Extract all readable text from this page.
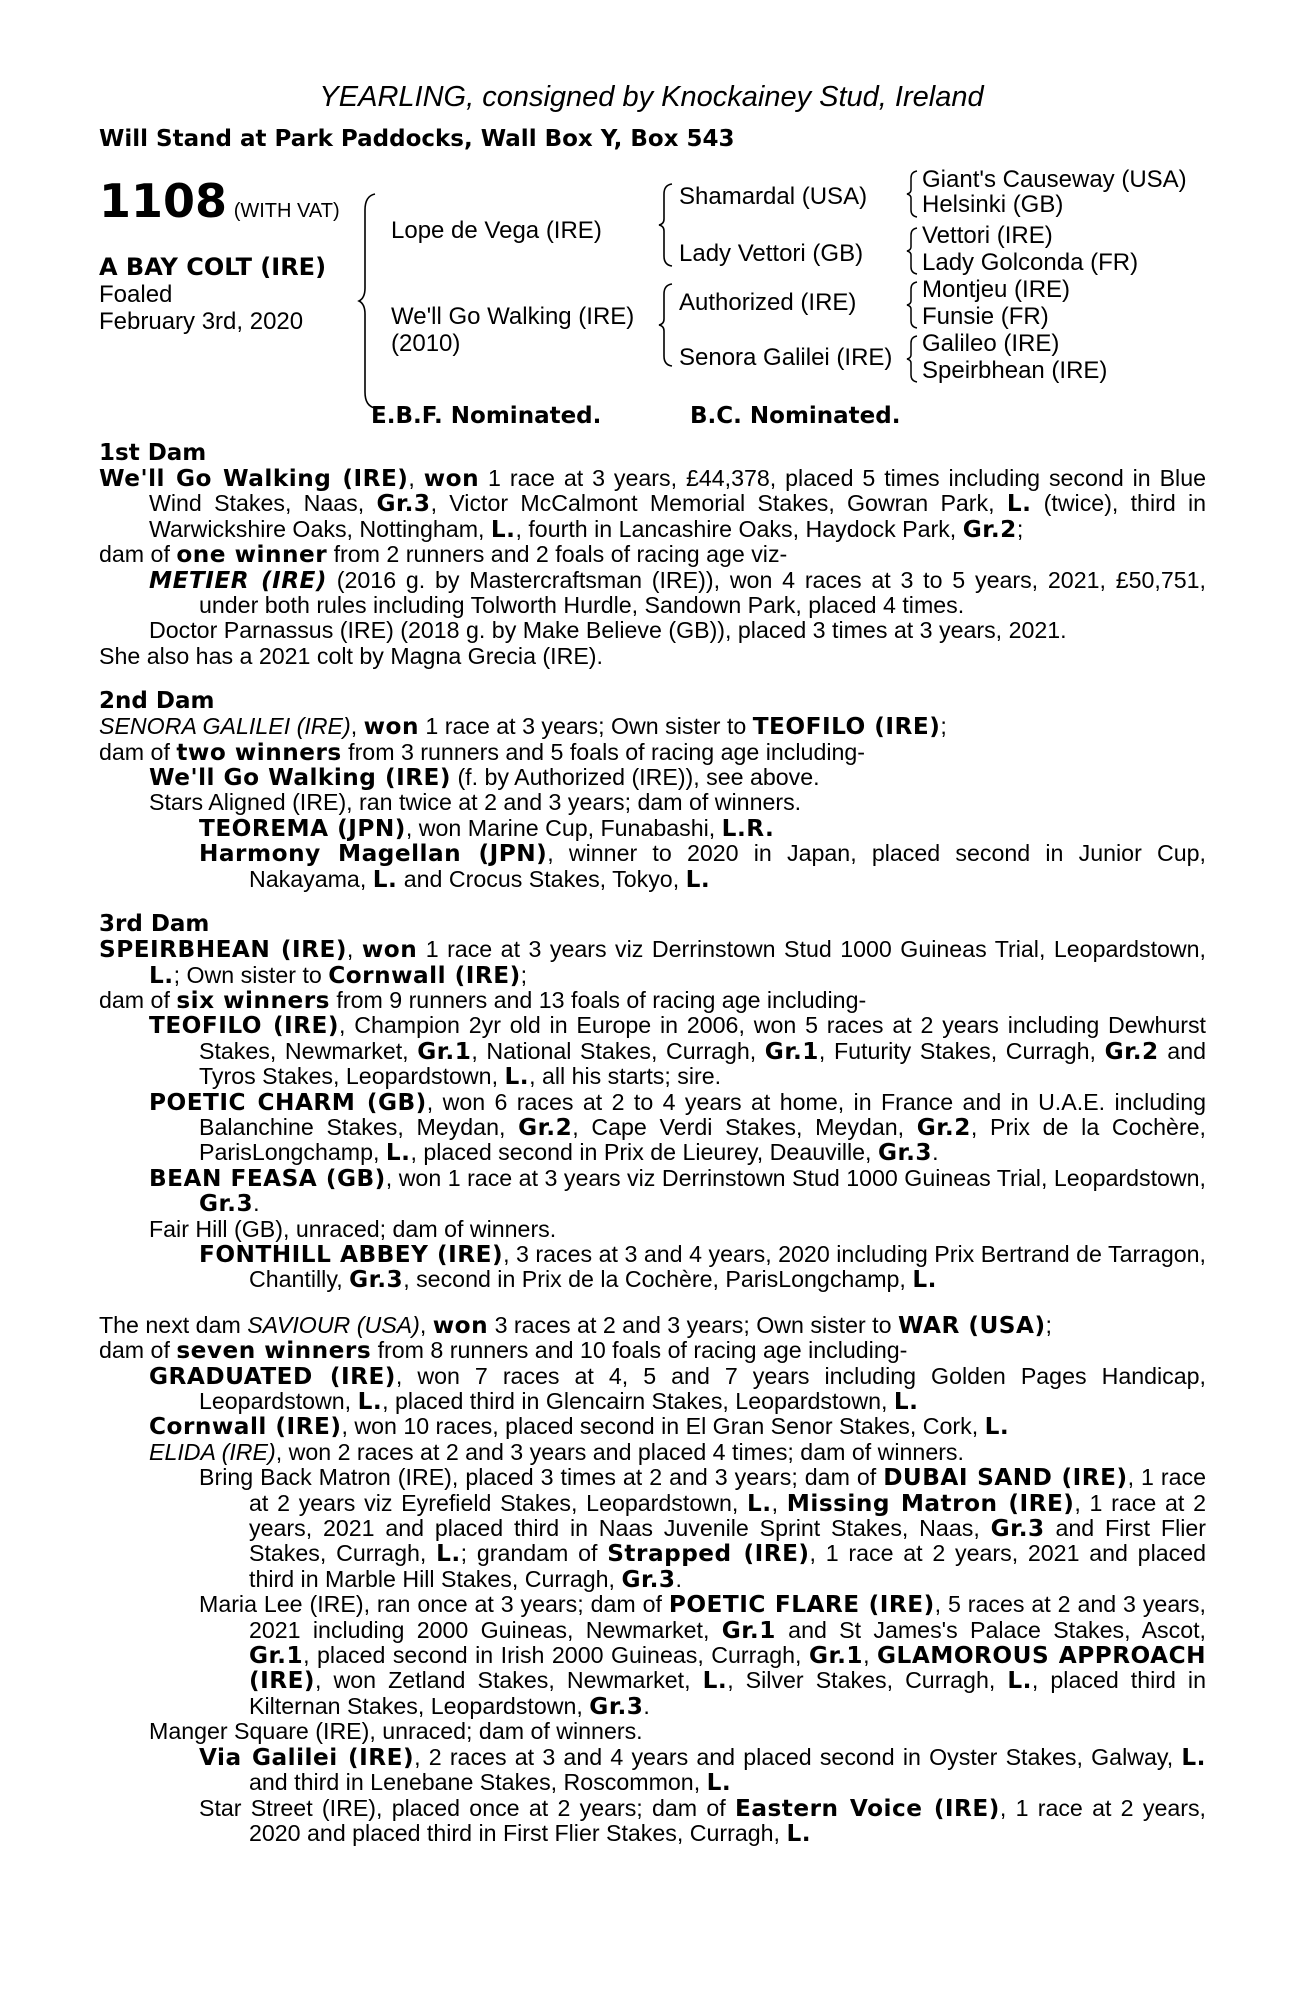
YEARLING, consigned by Knockainey Stud, Ireland
Will Stand at Park Paddocks, Wall Box Y, Box 543
1108 (WITH VAT)
A BAY COLT (IRE)
Foaled
February 3rd, 2020
Lope de Vega (IRE)
We'll Go Walking (IRE)
(2010)
Shamardal (USA)
Lady Vettori (GB)
Authorized (IRE)
Senora Galilei (IRE)
Giant's Causeway (USA)
Helsinki (GB)
Vettori (IRE)
Lady Golconda (FR)
Montjeu (IRE)
Funsie (FR)
Galileo (IRE)
Speirbhean (IRE)
E.B.F. Nominated.	B.C. Nominated.
1st Dam
We'll Go Walking (IRE), won 1 race at 3 years, £44,378, placed 5 times including second in Blue Wind Stakes, Naas, Gr.3, Victor McCalmont Memorial Stakes, Gowran Park, L. (twice), third in Warwickshire Oaks, Nottingham, L., fourth in Lancashire Oaks, Haydock Park, Gr.2;
dam of one winner from 2 runners and 2 foals of racing age viz-
METIER (IRE) (2016 g. by Mastercraftsman (IRE)), won 4 races at 3 to 5 years, 2021, £50,751, under both rules including Tolworth Hurdle, Sandown Park, placed 4 times.
Doctor Parnassus (IRE) (2018 g. by Make Believe (GB)), placed 3 times at 3 years, 2021.
She also has a 2021 colt by Magna Grecia (IRE).
2nd Dam
SENORA GALILEI (IRE), won 1 race at 3 years; Own sister to TEOFILO (IRE);
dam of two winners from 3 runners and 5 foals of racing age including-
We'll Go Walking (IRE) (f. by Authorized (IRE)), see above.
Stars Aligned (IRE), ran twice at 2 and 3 years; dam of winners.
TEOREMA (JPN), won Marine Cup, Funabashi, L.R.
Harmony Magellan (JPN), winner to 2020 in Japan, placed second in Junior Cup, Nakayama, L. and Crocus Stakes, Tokyo, L.
3rd Dam
SPEIRBHEAN (IRE), won 1 race at 3 years viz Derrinstown Stud 1000 Guineas Trial, Leopardstown, L.; Own sister to Cornwall (IRE);
dam of six winners from 9 runners and 13 foals of racing age including-
TEOFILO (IRE), Champion 2yr old in Europe in 2006, won 5 races at 2 years including Dewhurst Stakes, Newmarket, Gr.1, National Stakes, Curragh, Gr.1, Futurity Stakes, Curragh, Gr.2 and Tyros Stakes, Leopardstown, L., all his starts; sire.
POETIC CHARM (GB), won 6 races at 2 to 4 years at home, in France and in U.A.E. including Balanchine Stakes, Meydan, Gr.2, Cape Verdi Stakes, Meydan, Gr.2, Prix de la Cochère, ParisLongchamp, L., placed second in Prix de Lieurey, Deauville, Gr.3.
BEAN FEASA (GB), won 1 race at 3 years viz Derrinstown Stud 1000 Guineas Trial, Leopardstown, Gr.3.
Fair Hill (GB), unraced; dam of winners.
FONTHILL ABBEY (IRE), 3 races at 3 and 4 years, 2020 including Prix Bertrand de Tarragon, Chantilly, Gr.3, second in Prix de la Cochère, ParisLongchamp, L.
The next dam SAVIOUR (USA), won 3 races at 2 and 3 years; Own sister to WAR (USA);
dam of seven winners from 8 runners and 10 foals of racing age including-
GRADUATED (IRE), won 7 races at 4, 5 and 7 years including Golden Pages Handicap, Leopardstown, L., placed third in Glencairn Stakes, Leopardstown, L.
Cornwall (IRE), won 10 races, placed second in El Gran Senor Stakes, Cork, L.
ELIDA (IRE), won 2 races at 2 and 3 years and placed 4 times; dam of winners.
Bring Back Matron (IRE), placed 3 times at 2 and 3 years; dam of DUBAI SAND (IRE), 1 race at 2 years viz Eyrefield Stakes, Leopardstown, L., Missing Matron (IRE), 1 race at 2 years, 2021 and placed third in Naas Juvenile Sprint Stakes, Naas, Gr.3 and First Flier Stakes, Curragh, L.; grandam of Strapped (IRE), 1 race at 2 years, 2021 and placed third in Marble Hill Stakes, Curragh, Gr.3.
Maria Lee (IRE), ran once at 3 years; dam of POETIC FLARE (IRE), 5 races at 2 and 3 years, 2021 including 2000 Guineas, Newmarket, Gr.1 and St James's Palace Stakes, Ascot, Gr.1, placed second in Irish 2000 Guineas, Curragh, Gr.1, GLAMOROUS APPROACH (IRE), won Zetland Stakes, Newmarket, L., Silver Stakes, Curragh, L., placed third in Kilternan Stakes, Leopardstown, Gr.3.
Manger Square (IRE), unraced; dam of winners.
Via Galilei (IRE), 2 races at 3 and 4 years and placed second in Oyster Stakes, Galway, L. and third in Lenebane Stakes, Roscommon, L.
Star Street (IRE), placed once at 2 years; dam of Eastern Voice (IRE), 1 race at 2 years, 2020 and placed third in First Flier Stakes, Curragh, L.
